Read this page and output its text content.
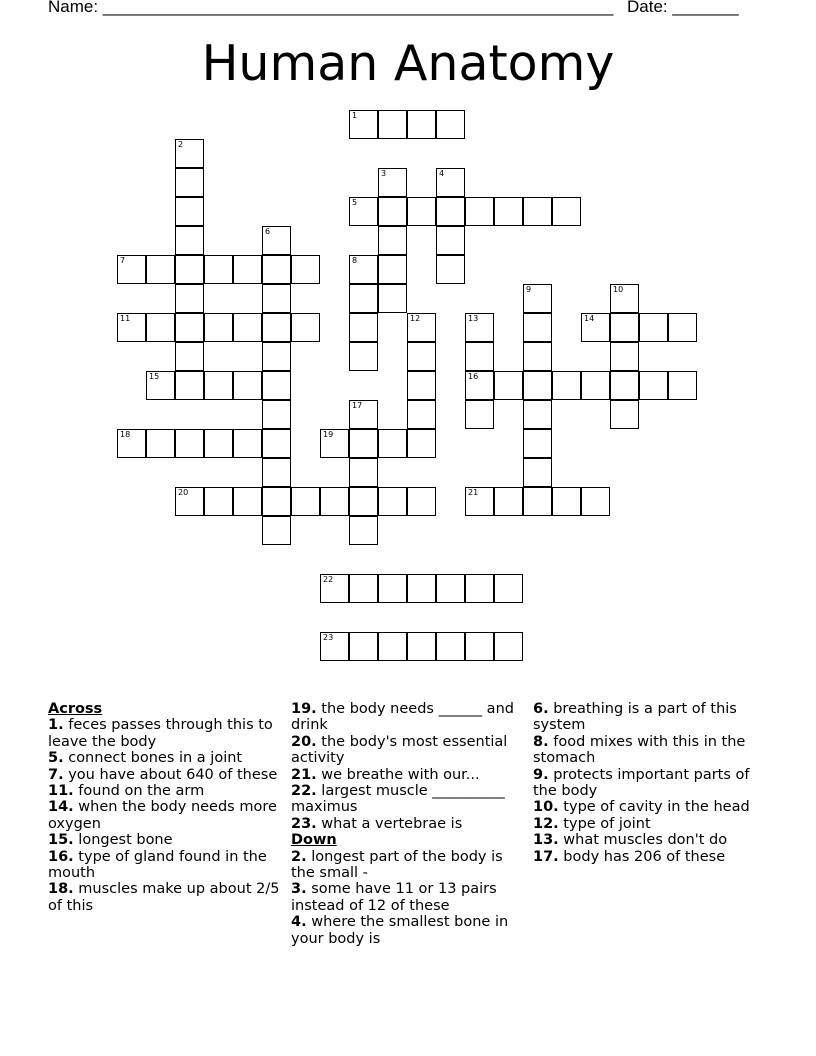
Name: ______________________________________________________ Date: _______
Human Anatomy
1
2
3	4
5
6
7	8
9	10
11	12	13
16
14
15
17
18	19
20	21
22
23

Across

1. feces passes through this to leave the body

5. connect bones in a joint

7. you have about 640 of these

11. found on the arm

14. when the body needs more oxygen

15. longest bone

16. type of gland found in the mouth

18. muscles make up about 2/5 of this

19. the body needs ______ and drink

20. the body's most essential activity

21. we breathe with our...

22. largest muscle __________ maximus

23. what a vertebrae is

Down

2. longest part of the body is the small -

3. some have 11 or 13 pairs instead of 12 of these

4. where the smallest bone in your body is

6. breathing is a part of this system

8. food mixes with this in the stomach

9. protects important parts of the body

10. type of cavity in the head

12. type of joint

13. what muscles don't do

17. body has 206 of these
